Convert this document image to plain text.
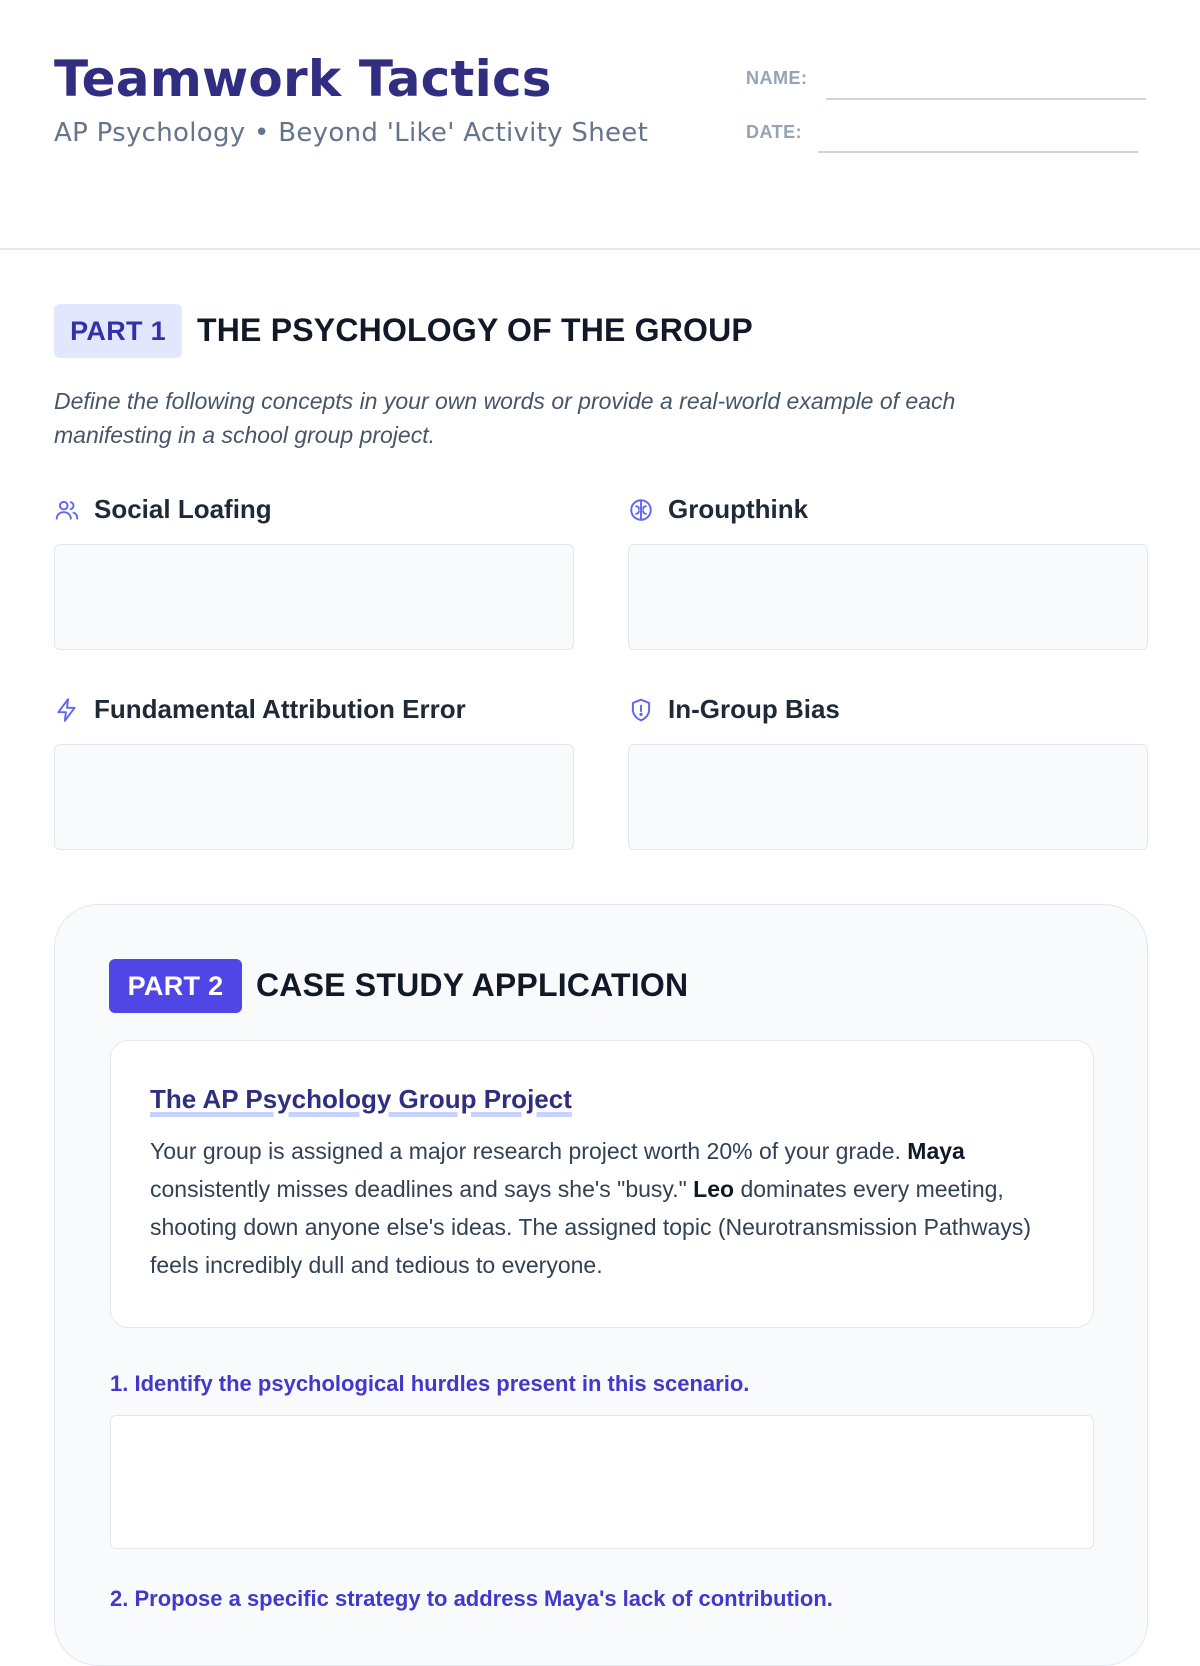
Teamwork Tactics
AP Psychology • Beyond 'Like' Activity Sheet
NAME:
DATE:
PART 1 THE PSYCHOLOGY OF THE GROUP
Define the following concepts in your own words or provide a real-world example of each manifesting in a school group project.
Social Loafing	Groupthink
Fundamental Attribution Error	In-Group Bias
PART 2	CASE STUDY APPLICATION
The AP Psychology Group Project
Your group is assigned a major research project worth 20% of your grade. Maya consistently misses deadlines and says she's "busy." Leo dominates every meeting, shooting down anyone else's ideas. The assigned topic (Neurotransmission Pathways) feels incredibly dull and tedious to everyone.
1. Identify the psychological hurdles present in this scenario.
2. Propose a specific strategy to address Maya's lack of contribution.
